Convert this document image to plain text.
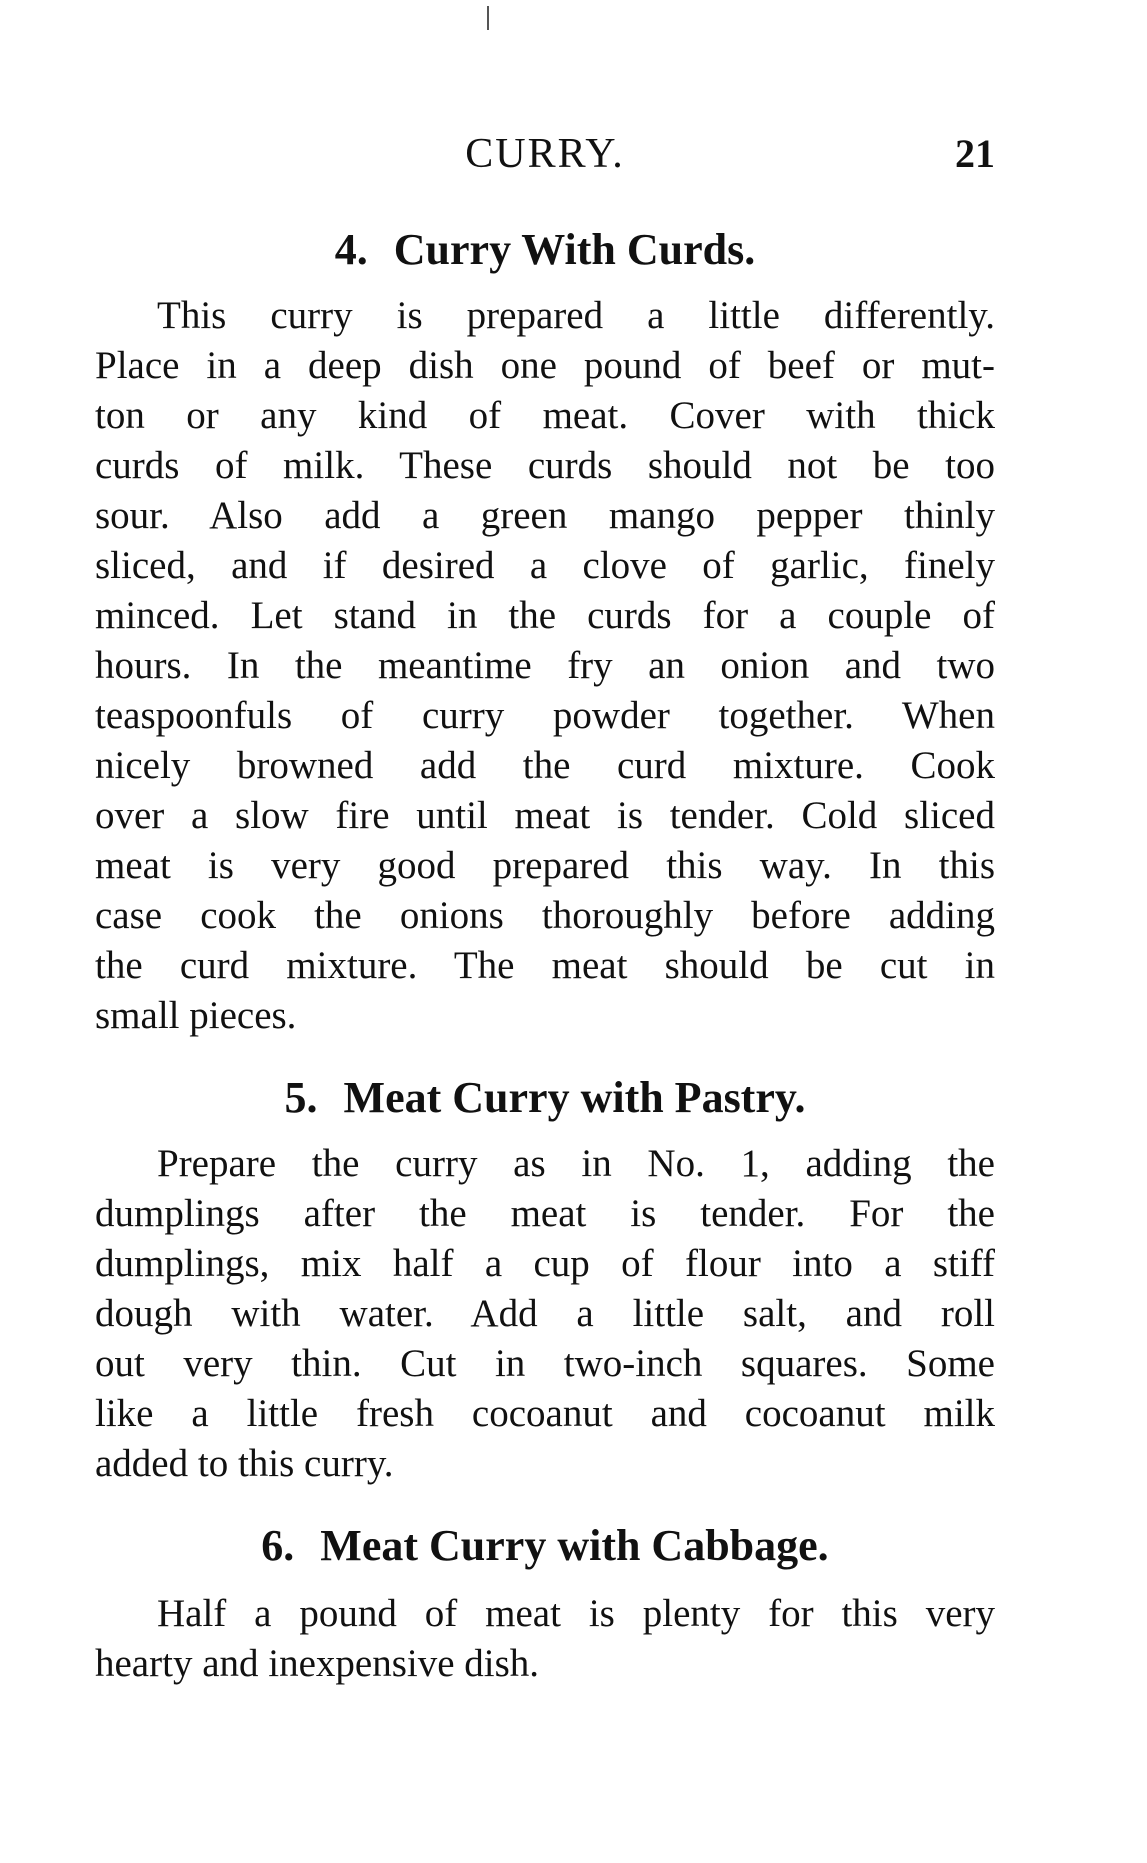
CURRY.	21
4. Curry With Curds.
This curry is prepared a little differently.
Place in a deep dish one pound of beef or mut-
ton or any kind of meat. Cover with thick
curds of milk. These curds should not be too
sour. Also add a green mango pepper thinly
sliced, and if desired a clove of garlic, finely
minced. Let stand in the curds for a couple of
hours. In the meantime fry an onion and two
teaspoonfuls of curry powder together. When
nicely browned add the curd mixture. Cook
over a slow fire until meat is tender. Cold sliced
meat is very good prepared this way. In this
case cook the onions thoroughly before adding
the curd mixture. The meat should be cut in
small pieces.
5. Meat Curry with Pastry.
Prepare the curry as in No. 1, adding the
dumplings after the meat is tender. For the
dumplings, mix half a cup of flour into a stiff
dough with water. Add a little salt, and roll
out very thin. Cut in two-inch squares. Some
like a little fresh cocoanut and cocoanut milk
added to this curry.
6. Meat Curry with Cabbage.
Half a pound of meat is plenty for this very
hearty and inexpensive dish.
